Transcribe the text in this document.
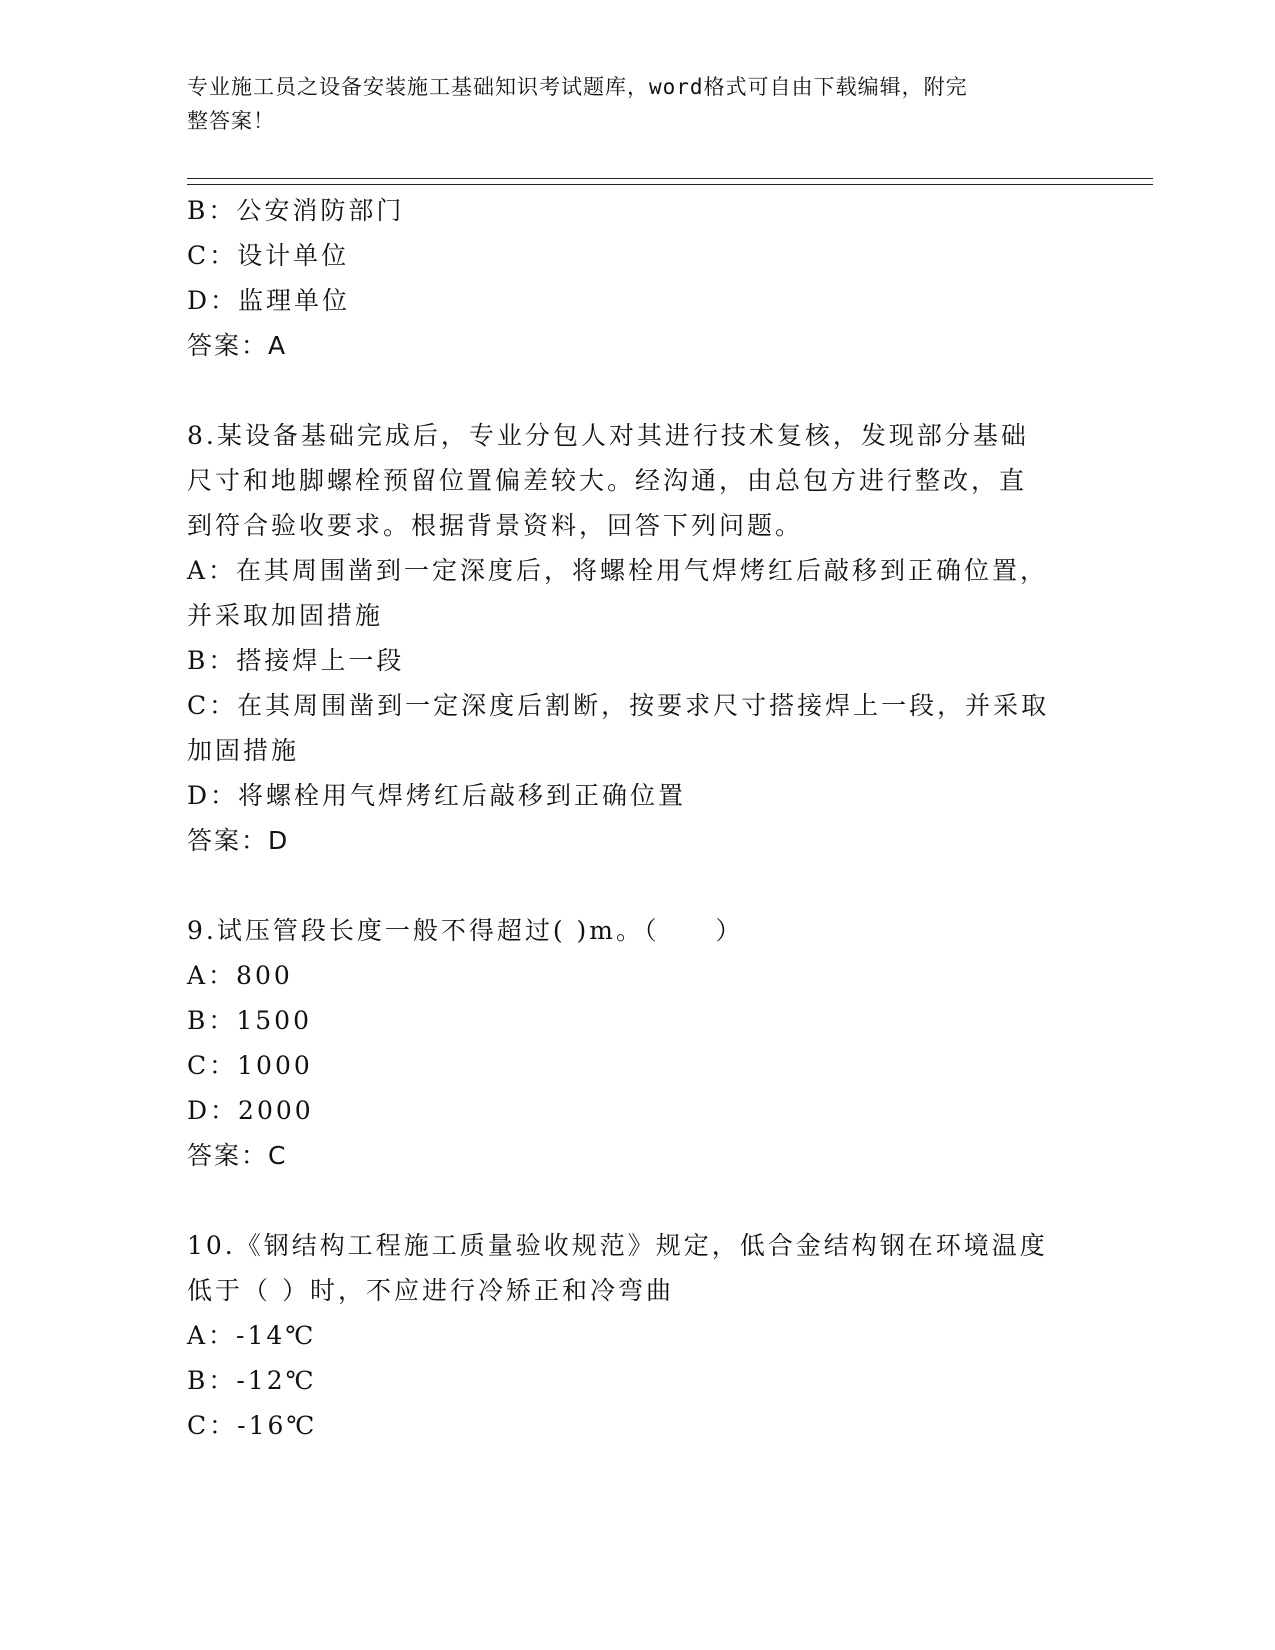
专业施工员之设备安装施工基础知识考试题库，word格式可自由下载编辑，附完
整答案！
B：公安消防部门
C：设计单位
D：监理单位
答案：A
8.某设备基础完成后，专业分包人对其进行技术复核，发现部分基础
尺寸和地脚螺栓预留位置偏差较大。经沟通，由总包方进行整改，直
到符合验收要求。根据背景资料，回答下列问题。
A：在其周围凿到一定深度后，将螺栓用气焊烤红后敲移到正确位置，
并采取加固措施
B：搭接焊上一段
C：在其周围凿到一定深度后割断，按要求尺寸搭接焊上一段，并采取
加固措施
D：将螺栓用气焊烤红后敲移到正确位置
答案：D
9.试压管段长度一般不得超过( )m。（　　）
A：800
B：1500
C：1000
D：2000
答案：C
10.《钢结构工程施工质量验收规范》规定，低合金结构钢在环境温度
低于（ ）时，不应进行冷矫正和冷弯曲
A：-14℃
B：-12℃
C：-16℃
